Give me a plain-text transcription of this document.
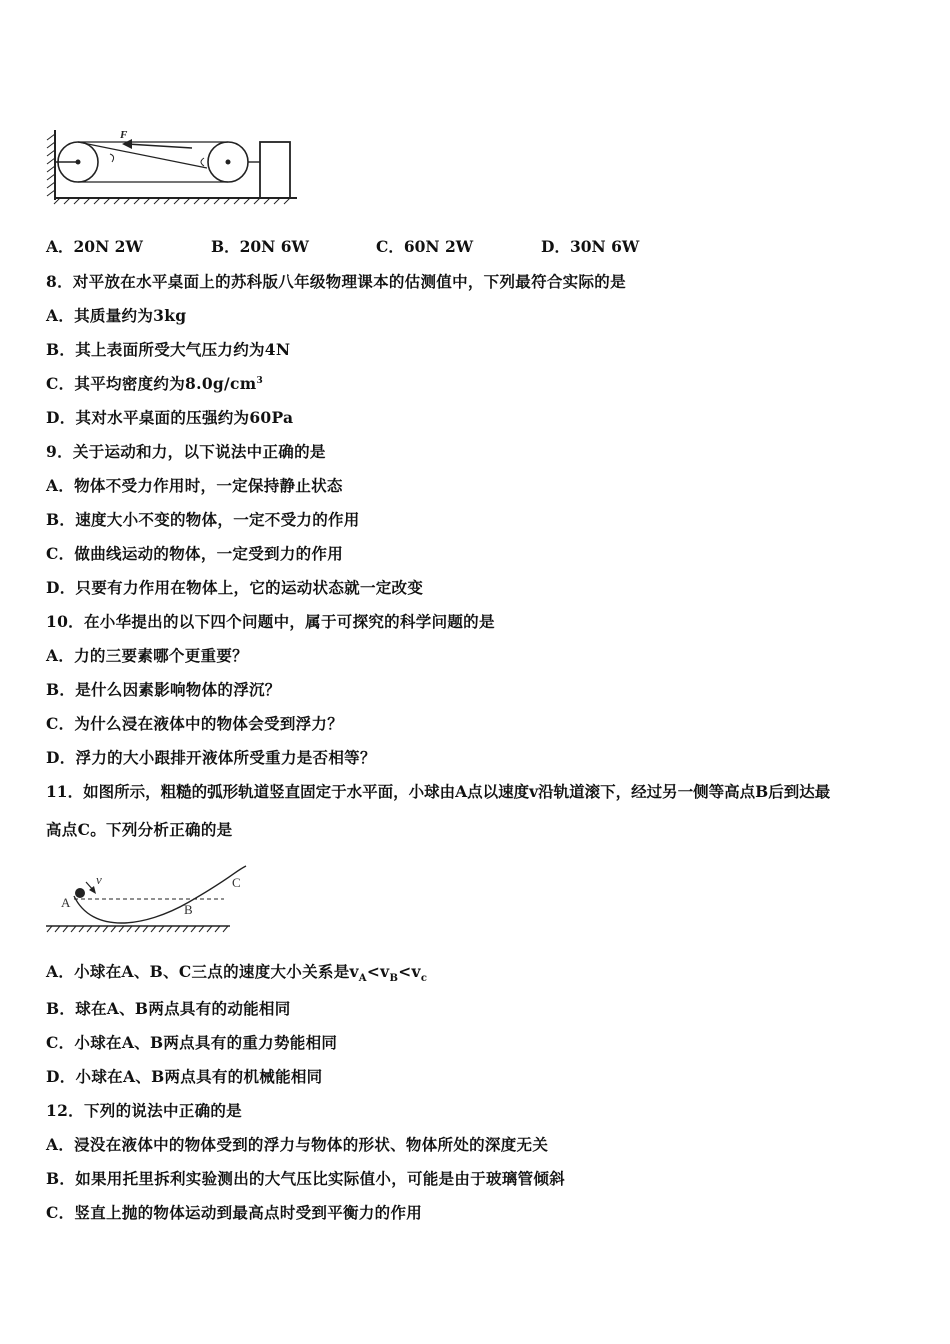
F
A．20N 2W	B．20N 6W	C．60N 2W	D．30N 6W
8．对平放在水平桌面上的苏科版八年级物理课本的估测值中，下列最符合实际的是
A．其质量约为3kg
B．其上表面所受大气压力约为4N
C．其平均密度约为$8.0g/cm^3$
D．其对水平桌面的压强约为60Pa
9．关于运动和力，以下说法中正确的是
A．物体不受力作用时，一定保持静止状态
B．速度大小不变的物体，一定不受力的作用
C．做曲线运动的物体，一定受到力的作用
D．只要有力作用在物体上，它的运动状态就一定改变
10．在小华提出的以下四个问题中，属于可探究的科学问题的是
A．力的三要素哪个更重要？
B．是什么因素影响物体的浮沉？
C．为什么浸在液体中的物体会受到浮力？
D．浮力的大小跟排开液体所受重力是否相等？
11．如图所示，粗糙的弧形轨道竖直固定于水平面，小球由A点以速度v沿轨道滚下，经过另一侧等高点B后到达最
高点C。下列分析正确的是
v
A	B
C
A．小球在A、B、C三点的速度大小关系是$v_A<v_B<v_c$
B．球在A、B两点具有的动能相同
C．小球在A、B两点具有的重力势能相同
D．小球在A、B两点具有的机械能相同
12．下列的说法中正确的是
A．浸没在液体中的物体受到的浮力与物体的形状、物体所处的深度无关
B．如果用托里拆利实验测出的大气压比实际值小，可能是由于玻璃管倾斜
C．竖直上抛的物体运动到最高点时受到平衡力的作用
